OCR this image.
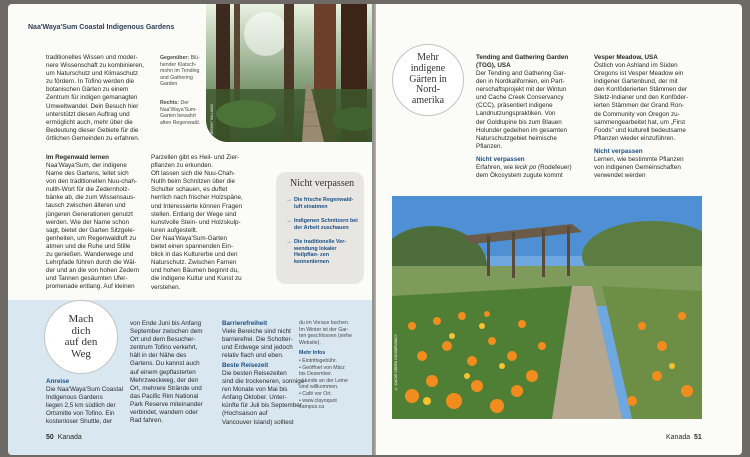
Naa'Waya'Sum Coastal Indigenous Gardens
traditionelles Wissen und moder-
nere Wissenschaft zu kombinieren,
um Naturschutz und Klimaschutz
zu fördern. In Tofino werden die
botanischen Gärten zu einem
Zentrum für indigen gemanagten
Umweltwandel. Dein Besuch hier
unterstützt diesen Auftrag und
ermöglicht auch, mehr über die
Bedeutung dieser Gebiete für die
örtlichen Gemeinden zu erfahren.
Gegenüber: Blü-
hender Klatsch-
mohn im Tending
and Gathering
Garden
Rechts: Der
Naa'Waya'Sum-
Garten bewahrt
alten Regenwald.	© JEREMY WILLIAMS
Im Regenwald lernen
Naa'Waya'Sum, der indigene
Name des Gartens, leitet sich
von den traditionellen Nuu-chah-
nulth-Wort für die Zedernholz-
bänke ab, die zum Wissensaus-
tausch zwischen älteren und
jüngeren Generationen genutzt
werden. Wie der Name schon
sagt, bietet der Garten Sitzgele-
genheiten, um Regenwaldluft zu
atmen und die Ruhe und Stille
zu genießen. Wanderwege und
Lehrpfade führen durch die Wäl-
der und an die von hohen Zedern
und Tannen gesäumten Ufer-
promenade entlang. Auf kleinen
Parzellen gibt es Heil- und Zier-
pflanzen zu erkunden.
Oft lassen sich die Nuu-Chah-
Nulth beim Schnitzen über die
Schulter schauen, es duftet
herrlich nach frischer Holzspäne,
und Interessierte können Fragen
stellen. Entlang der Wege sind
kunstvolle Stein- und Holzskulp-
turen aufgestellt.
Der Naa'Waya'Sum-Garten
bietet einen spannenden Ein-
blick in das Kulturerbe und den
Naturschutz. Zwischen Farnen
und hohen Bäumen beginnt du,
die indigene Kultur und Kunst zu
verstehen.
Nicht verpassen
→ Die frische Regenwald- luft einatmen
→ Indigenen Schnitzern bei der Arbeit zuschauen
→ Die traditionelle Ver- wendung lokaler Heilpflan- zen kennenlernen
Mach
dich
auf den
Weg
Anreise
Die Naa'Waya'Sum Coastal
Indigenous Gardens
liegen 2,5 km südlich der
Ortsmitte von Tofino. Ein
kostenloser Shuttle, der
von Ende Juni bis Anfang
September zwischen dem
Ort und dem Besucher-
zentrum Tofino verkehrt,
hält in der Nähe des
Gartens. Du kannst auch
auf einem gepflasterten
Mehrzweckweg, der den
Ort, mehrere Strände und
das Pacific Rim National
Park Reserve miteinander
verbindet, wandern oder
Rad fahren.
Barrierefreiheit
Viele Bereiche sind nicht
barrierefrei. Die Schotter-
und Erdwege sind jedoch
relativ flach und eben.
Beste Reisezeit
Die besten Reisezeiten
sind die trockeneren, sonnige-
ren Monate von Mai bis
Anfang Oktober. Unter-
künfte für Juli bis September
(Hochsaison auf
Vancouver Island) solltest
du im Voraus buchen.
Im Winter ist der Gar-
ten geschlossen (siehe
Website).
Mehr Infos
• Eintrittsgebühr.
• Geöffnet von März
bis Dezember.
• Hunde an der Leine
sind willkommen.
• Café vor Ort.
• www.clayoquot
campus.ca
50 Kanada
Mehr
indigene
Gärten in
Nord-
amerika
Tending and Gathering Garden
(TGG), USA
Der Tending and Gathering Gar-
den in Nordkalifornien, ein Part-
nerschaftsprojekt mit der Wintun
und Cache Creek Conservancy
(CCC), präsentiert indigene
Landnutzungspraktiken. Von
der Goldlupine bis zum Blauen
Holunder gedeihen im gesamten
Naturschutzgebiet heimische
Pflanzen.
Nicht verpassen
Erfahren, wie lecik po (Rodefeuer)
dem Ökosystem zugute kommt
Vesper Meadow, USA
Östlich von Ashland im Süden
Oregons ist Vesper Meadow ein
indigener Gartenbund, der mit
den Konföderierten Stämmen der
Siletz-Indianer und den Konföder-
ierten Stämmen der Grand Ron-
de Community von Oregon zu-
sammengearbeitet hat, um „First
Foods" und kulturell bedeutsame
Pflanzen wieder einzuführen.
Nicht verpassen
Lernen, wie bestimmte Pflanzen
von indigenen Gemeinschaften
verwendet werden
© CACHE CREEK CONSERVANCY
Kanada 51
